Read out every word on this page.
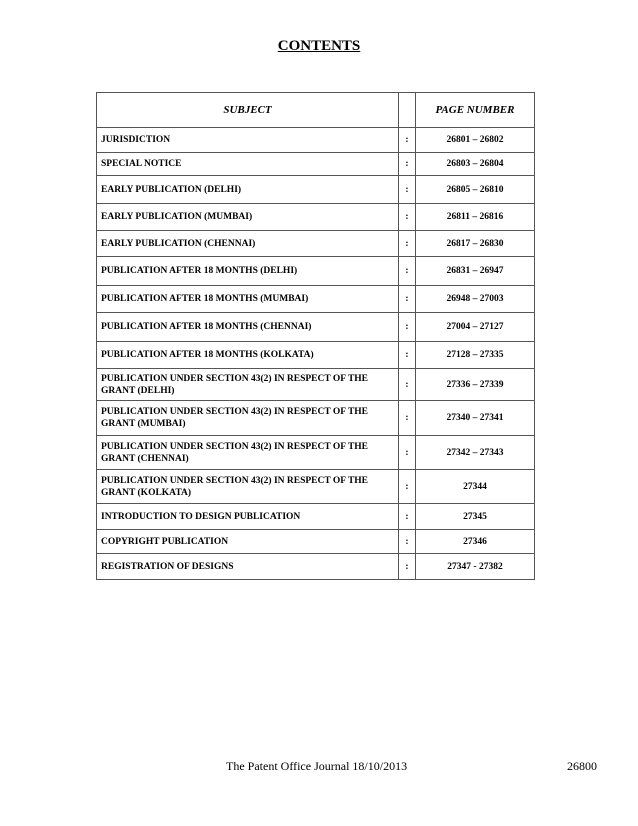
CONTENTS
SUBJECT		PAGE NUMBER
JURISDICTION	:	26801 – 26802
SPECIAL NOTICE	:	26803 – 26804
EARLY PUBLICATION (DELHI)	:	26805 – 26810
EARLY PUBLICATION (MUMBAI)	:	26811 – 26816
EARLY PUBLICATION (CHENNAI)	:	26817 – 26830
PUBLICATION AFTER 18 MONTHS (DELHI)	:	26831 – 26947
PUBLICATION AFTER 18 MONTHS (MUMBAI)	:	26948 – 27003
PUBLICATION AFTER 18 MONTHS (CHENNAI)	:	27004 – 27127
PUBLICATION AFTER 18 MONTHS (KOLKATA)	:	27128 – 27335
PUBLICATION UNDER SECTION 43(2) IN RESPECT OF THE GRANT (DELHI)	:	27336 – 27339
PUBLICATION UNDER SECTION 43(2) IN RESPECT OF THE GRANT (MUMBAI)	:	27340 – 27341
PUBLICATION UNDER SECTION 43(2) IN RESPECT OF THE GRANT (CHENNAI)	:	27342 – 27343
PUBLICATION UNDER SECTION 43(2) IN RESPECT OF THE GRANT (KOLKATA)	:	27344
INTRODUCTION TO DESIGN PUBLICATION	:	27345
COPYRIGHT PUBLICATION	:	27346
REGISTRATION OF DESIGNS	:	27347 - 27382
The Patent Office Journal 18/10/2013	26800
